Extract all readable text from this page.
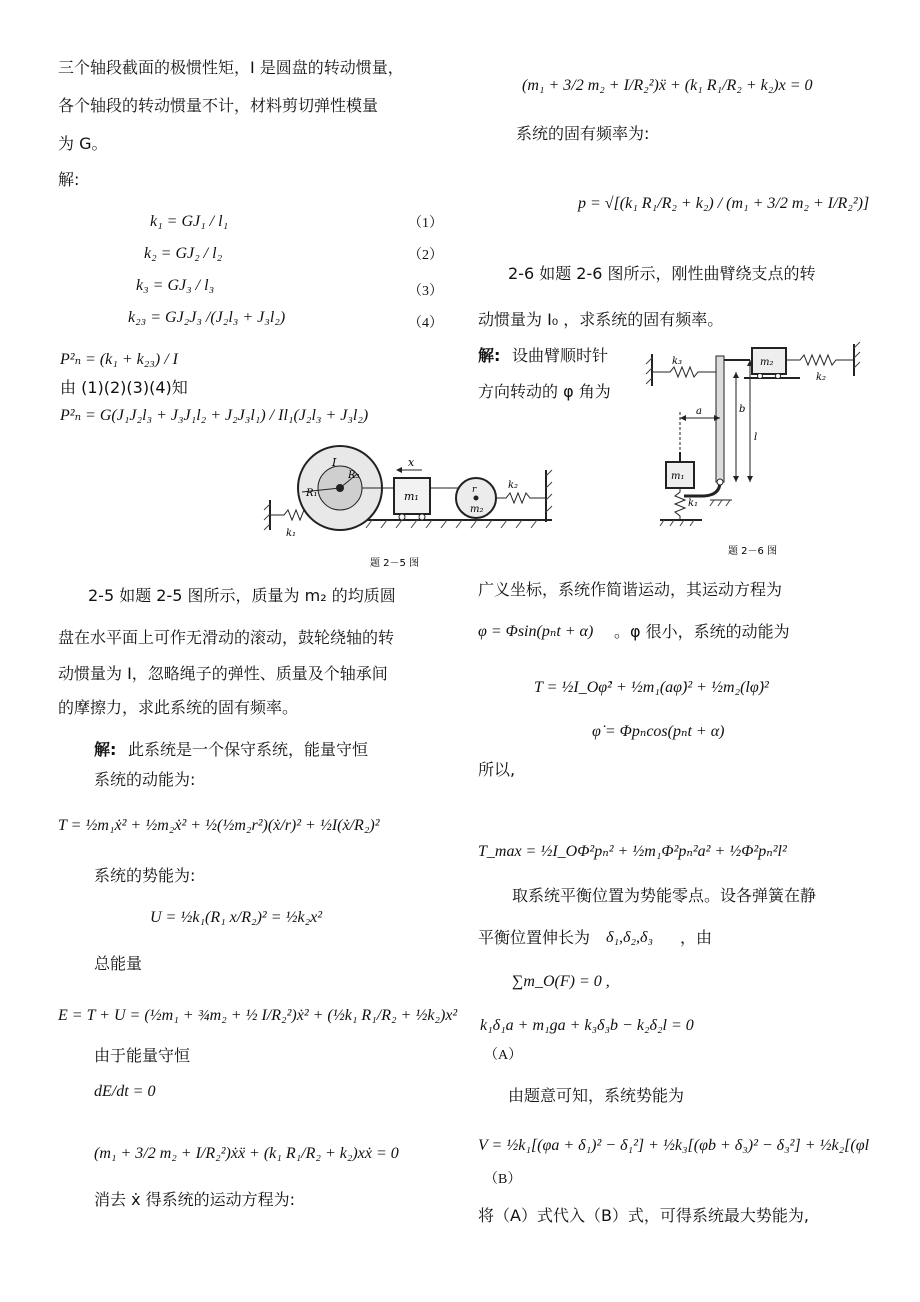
三个轴段截面的极惯性矩，I 是圆盘的转动惯量，
各个轴段的转动惯量不计，材料剪切弹性模量
为 G。
解:
k₁ = GJ₁ / l₁	（1）
k₂ = GJ₂ / l₂	（2）
k₃ = GJ₃ / l₃	（3）
k₂₃ = GJ₂J₃ /(J₂l₃ + J₃l₂)	（4）
P²ₙ = (k₁ + k₂₃) / I
由 (1)(2)(3)(4)知
P²ₙ = G(J₁J₂l₃ + J₃J₁l₂ + J₂J₃l₁) / Il₁(J₂l₃ + J₃l₂)
I
R₃
R₁
x
m₁
m₂
r
k₁
k₂
题 2－5 图
2-5 如题 2-5 图所示，质量为 m₂ 的均质圆
盘在水平面上可作无滑动的滚动，鼓轮绕轴的转
动惯量为 I，忽略绳子的弹性、质量及个轴承间
的摩擦力，求此系统的固有频率。
解: 此系统是一个保守系统，能量守恒
系统的动能为:
T = ½m₁ẋ² + ½m₂ẋ² + ½(½m₂r²)(ẋ/r)² + ½I(ẋ/R₂)²
系统的势能为:
U = ½k₁(R₁ x/R₂)² = ½k₂x²
总能量
E = T + U = (½m₁ + ¾m₂ + ½ I/R₂²)ẋ² + (½k₁ R₁/R₂ + ½k₂)x²
由于能量守恒
dE/dt = 0
(m₁ + 3/2 m₂ + I/R₂²)ẋẍ + (k₁ R₁/R₂ + k₂)xẋ = 0
消去 ẋ 得系统的运动方程为:
(m₁ + 3/2 m₂ + I/R₂²)ẍ + (k₁ R₁/R₂ + k₂)x = 0
系统的固有频率为:
p = √[(k₁ R₁/R₂ + k₂) / (m₁ + 3/2 m₂ + I/R₂²)]
2-6 如题 2-6 图所示，刚性曲臂绕支点的转
动惯量为 I₀ ，求系统的固有频率。
解: 设曲臂顺时针
方向转动的 φ 角为
k₃	m₂
k₂
a	b
l
m₁
k₁
题 2－6 图
广义坐标，系统作简谐运动，其运动方程为
φ = Φsin(pₙt + α) 。φ 很小，系统的动能为
T = ½I_Oφ̇² + ½m₁(aφ̇)² + ½m₂(lφ̇)²
φ̇ = Φpₙcos(pₙt + α)
所以,
T_max = ½I_OΦ²pₙ² + ½m₁Φ²pₙ²a² + ½Φ²pₙ²l²
取系统平衡位置为势能零点。设各弹簧在静
平衡位置伸长为 δ₁,δ₂,δ₃ ，由
∑m_O(F) = 0 ,
k₁δ₁a + m₁ga + k₃δ₃b − k₂δ₂l = 0
（A）
由题意可知，系统势能为
V = ½k₁[(φa + δ₁)² − δ₁²] + ½k₃[(φb + δ₃)² − δ₃²] + ½k₂[(φl
（B）
将（A）式代入（B）式，可得系统最大势能为,
